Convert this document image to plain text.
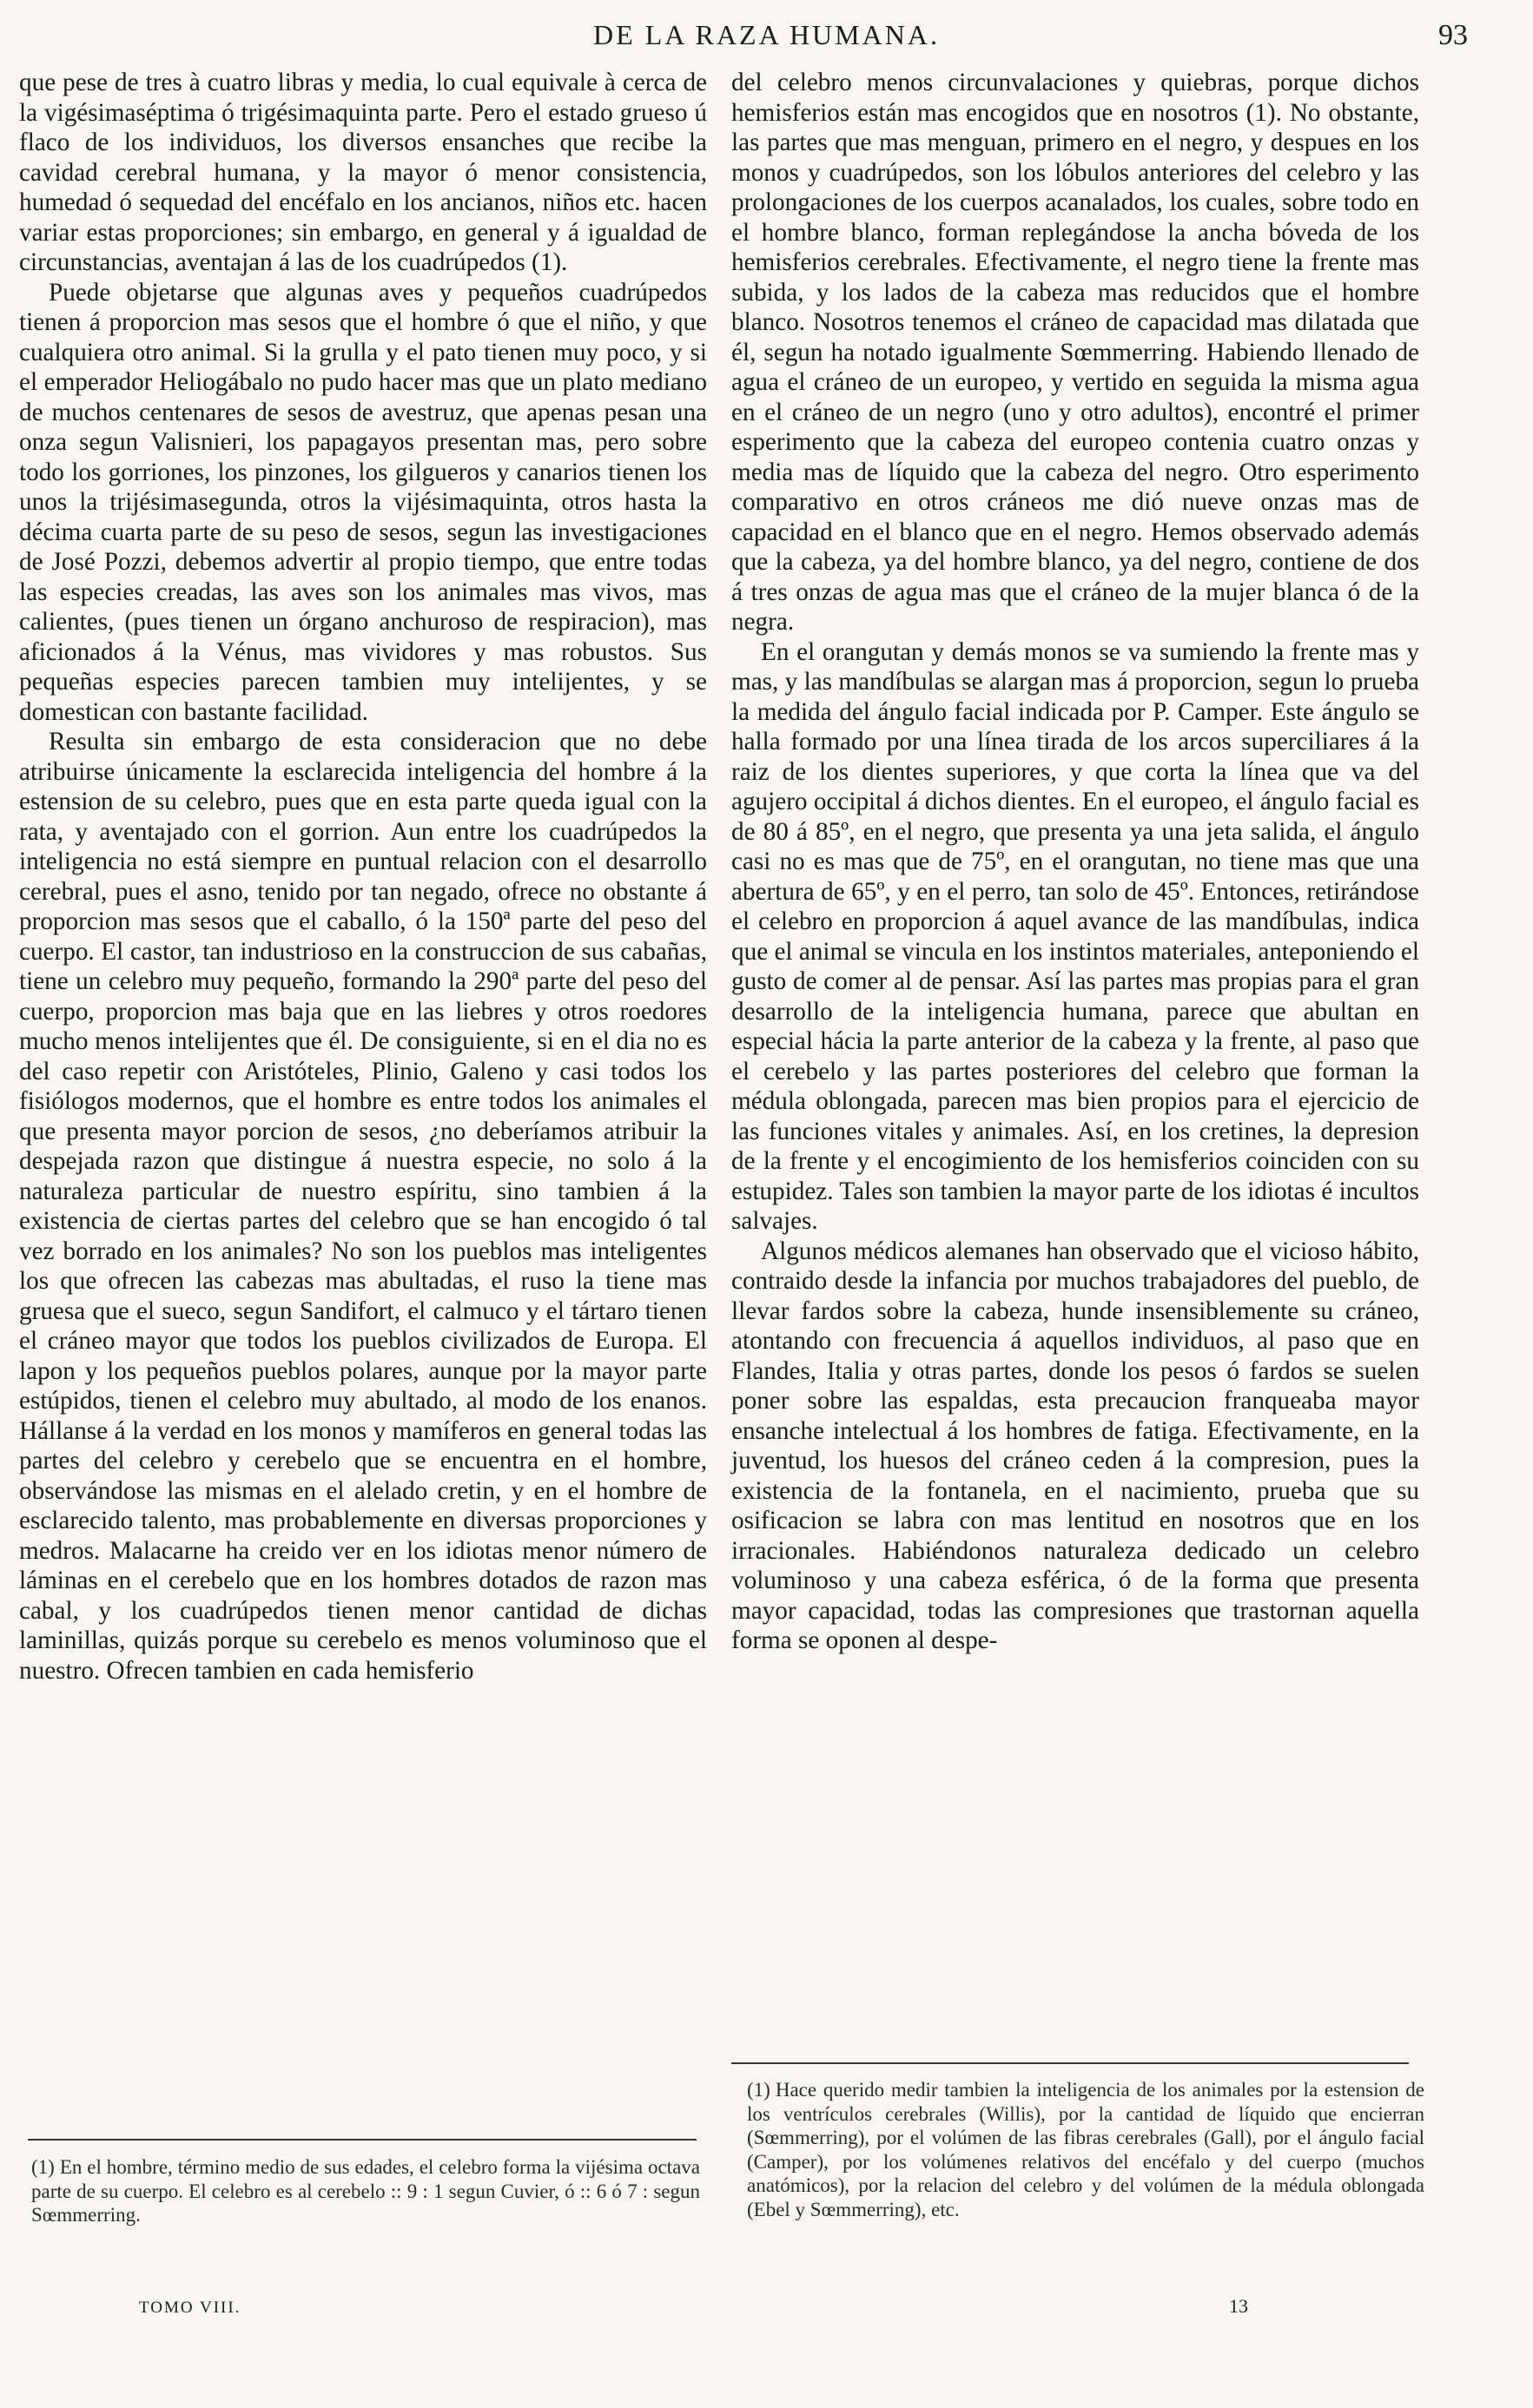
DE LA RAZA HUMANA.	93

que pese de tres à cuatro libras y media, lo cual equivale à cerca de la vigésimaséptima ó trigésimaquinta parte. Pero el estado grueso ú flaco de los individuos, los diversos ensanches que recibe la cavidad cerebral humana, y la mayor ó menor consistencia, humedad ó sequedad del encéfalo en los ancianos, niños etc. hacen variar estas proporciones; sin embargo, en general y á igualdad de circunstancias, aventajan á las de los cuadrúpedos (1).

Puede objetarse que algunas aves y pequeños cuadrúpedos tienen á proporcion mas sesos que el hombre ó que el niño, y que cualquiera otro animal. Si la grulla y el pato tienen muy poco, y si el emperador Heliogábalo no pudo hacer mas que un plato mediano de muchos centenares de sesos de avestruz, que apenas pesan una onza segun Valisnieri, los papagayos presentan mas, pero sobre todo los gorriones, los pinzones, los gilgueros y canarios tienen los unos la trijésimasegunda, otros la vijésimaquinta, otros hasta la décima cuarta parte de su peso de sesos, segun las investigaciones de José Pozzi, debemos advertir al propio tiempo, que entre todas las especies creadas, las aves son los animales mas vivos, mas calientes, (pues tienen un órgano anchuroso de respiracion), mas aficionados á la Vénus, mas vividores y mas robustos. Sus pequeñas especies parecen tambien muy intelijentes, y se domestican con bastante facilidad.

Resulta sin embargo de esta consideracion que no debe atribuirse únicamente la esclarecida inteligencia del hombre á la estension de su celebro, pues que en esta parte queda igual con la rata, y aventajado con el gorrion. Aun entre los cuadrúpedos la inteligencia no está siempre en puntual relacion con el desarrollo cerebral, pues el asno, tenido por tan negado, ofrece no obstante á proporcion mas sesos que el caballo, ó la 150ª parte del peso del cuerpo. El castor, tan industrioso en la construccion de sus cabañas, tiene un celebro muy pequeño, formando la 290ª parte del peso del cuerpo, proporcion mas baja que en las liebres y otros roedores mucho menos intelijentes que él. De consiguiente, si en el dia no es del caso repetir con Aristóteles, Plinio, Galeno y casi todos los fisiólogos modernos, que el hombre es entre todos los animales el que presenta mayor porcion de sesos, ¿no deberíamos atribuir la despejada razon que distingue á nuestra especie, no solo á la naturaleza particular de nuestro espíritu, sino tambien á la existencia de ciertas partes del celebro que se han encogido ó tal vez borrado en los animales? No son los pueblos mas inteligentes los que ofrecen las cabezas mas abultadas, el ruso la tiene mas gruesa que el sueco, segun Sandifort, el calmuco y el tártaro tienen el cráneo mayor que todos los pueblos civilizados de Europa. El lapon y los pequeños pueblos polares, aunque por la mayor parte estúpidos, tienen el celebro muy abultado, al modo de los enanos. Hállanse á la verdad en los monos y mamíferos en general todas las partes del celebro y cerebelo que se encuentra en el hombre, observándose las mismas en el alelado cretin, y en el hombre de esclarecido talento, mas probablemente en diversas proporciones y medros. Malacarne ha creido ver en los idiotas menor número de láminas en el cerebelo que en los hombres dotados de razon mas cabal, y los cuadrúpedos tienen menor cantidad de dichas laminillas, quizás porque su cerebelo es menos voluminoso que el nuestro. Ofrecen tambien en cada hemisferio

del celebro menos circunvalaciones y quiebras, porque dichos hemisferios están mas encogidos que en nosotros (1). No obstante, las partes que mas menguan, primero en el negro, y despues en los monos y cuadrúpedos, son los lóbulos anteriores del celebro y las prolongaciones de los cuerpos acanalados, los cuales, sobre todo en el hombre blanco, forman replegándose la ancha bóveda de los hemisferios cerebrales. Efectivamente, el negro tiene la frente mas subida, y los lados de la cabeza mas reducidos que el hombre blanco. Nosotros tenemos el cráneo de capacidad mas dilatada que él, segun ha notado igualmente Sœmmerring. Habiendo llenado de agua el cráneo de un europeo, y vertido en seguida la misma agua en el cráneo de un negro (uno y otro adultos), encontré el primer esperimento que la cabeza del europeo contenia cuatro onzas y media mas de líquido que la cabeza del negro. Otro esperimento comparativo en otros cráneos me dió nueve onzas mas de capacidad en el blanco que en el negro. Hemos observado además que la cabeza, ya del hombre blanco, ya del negro, contiene de dos á tres onzas de agua mas que el cráneo de la mujer blanca ó de la negra.

En el orangutan y demás monos se va sumiendo la frente mas y mas, y las mandíbulas se alargan mas á proporcion, segun lo prueba la medida del ángulo facial indicada por P. Camper. Este ángulo se halla formado por una línea tirada de los arcos superciliares á la raiz de los dientes superiores, y que corta la línea que va del agujero occipital á dichos dientes. En el europeo, el ángulo facial es de 80 á 85º, en el negro, que presenta ya una jeta salida, el ángulo casi no es mas que de 75º, en el orangutan, no tiene mas que una abertura de 65º, y en el perro, tan solo de 45º. Entonces, retirándose el celebro en proporcion á aquel avance de las mandíbulas, indica que el animal se vincula en los instintos materiales, anteponiendo el gusto de comer al de pensar. Así las partes mas propias para el gran desarrollo de la inteligencia humana, parece que abultan en especial hácia la parte anterior de la cabeza y la frente, al paso que el cerebelo y las partes posteriores del celebro que forman la médula oblongada, parecen mas bien propios para el ejercicio de las funciones vitales y animales. Así, en los cretines, la depresion de la frente y el encogimiento de los hemisferios coinciden con su estupidez. Tales son tambien la mayor parte de los idiotas é incultos salvajes.

Algunos médicos alemanes han observado que el vicioso hábito, contraido desde la infancia por muchos trabajadores del pueblo, de llevar fardos sobre la cabeza, hunde insensiblemente su cráneo, atontando con frecuencia á aquellos individuos, al paso que en Flandes, Italia y otras partes, donde los pesos ó fardos se suelen poner sobre las espaldas, esta precaucion franqueaba mayor ensanche intelectual á los hombres de fatiga. Efectivamente, en la juventud, los huesos del cráneo ceden á la compresion, pues la existencia de la fontanela, en el nacimiento, prueba que su osificacion se labra con mas lentitud en nosotros que en los irracionales. Habiéndonos naturaleza dedicado un celebro voluminoso y una cabeza esférica, ó de la forma que presenta mayor capacidad, todas las compresiones que trastornan aquella forma se oponen al despe-

(1) En el hombre, término medio de sus edades, el celebro forma la vijésima octava parte de su cuerpo. El celebro es al cerebelo :: 9 : 1 segun Cuvier, ó :: 6 ó 7 : segun Sœmmerring.
(1) Hace querido medir tambien la inteligencia de los animales por la estension de los ventrículos cerebrales (Willis), por la cantidad de líquido que encierran (Sœmmerring), por el volúmen de las fibras cerebrales (Gall), por el ángulo facial (Camper), por los volúmenes relativos del encéfalo y del cuerpo (muchos anatómicos), por la relacion del celebro y del volúmen de la médula oblongada (Ebel y Sœmmerring), etc.
TOMO VIII.	13
